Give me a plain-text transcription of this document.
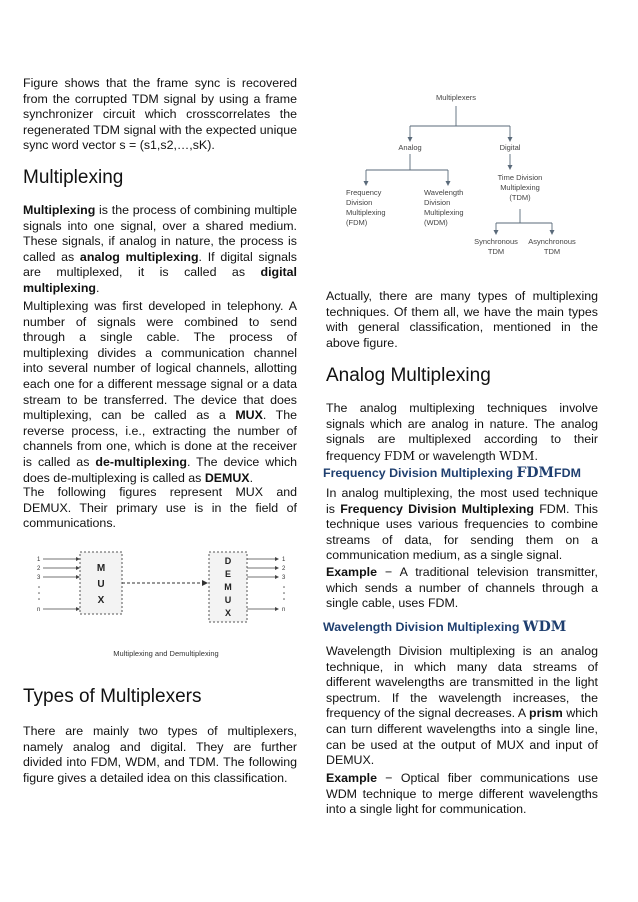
Figure shows that the frame sync is recovered from the corrupted TDM signal by using a frame synchronizer circuit which crosscorrelates the regenerated TDM signal with the expected unique sync word vector s = (s1,s2,…,sK).

Multiplexing

Multiplexing is the process of combining multiple signals into one signal, over a shared medium. These signals, if analog in nature, the process is called as analog multiplexing. If digital signals are multiplexed, it is called as digital multiplexing.

Multiplexing was first developed in telephony. A number of signals were combined to send through a single cable. The process of multiplexing divides a communication channel into several number of logical channels, allotting each one for a different message signal or a data stream to be transferred. The device that does multiplexing, can be called as a MUX. The reverse process, i.e., extracting the number of channels from one, which is done at the receiver is called as de-multiplexing. The device which does de-multiplexing is called as DEMUX.

The following figures represent MUX and DEMUX. Their primary use is in the field of communications.

1
2
3
n
M
U
X
D
E
M
U
X
1
2
3
n
Multiplexing and Demultiplexing
Types of Multiplexers

There are mainly two types of multiplexers, namely analog and digital. They are further divided into FDM, WDM, and TDM. The following figure gives a detailed idea on this classification.

Multiplexers
Analog	Digital
Frequency
Division
Multiplexing
(FDM)
Wavelength
Division
Multiplexing
(WDM)
Time Division
Multiplexing
(TDM)
Synchronous
TDM
Asynchronous
TDM

Actually, there are many types of multiplexing techniques. Of them all, we have the main types with general classification, mentioned in the above figure.

Analog Multiplexing

The analog multiplexing techniques involve signals which are analog in nature. The analog signals are multiplexed according to their frequency FDM or wavelength WDM.

Frequency Division Multiplexing FDMFDM

In analog multiplexing, the most used technique is Frequency Division Multiplexing FDM. This technique uses various frequencies to combine streams of data, for sending them on a communication medium, as a single signal.

Example − A traditional television transmitter, which sends a number of channels through a single cable, uses FDM.

Wavelength Division Multiplexing WDM

Wavelength Division multiplexing is an analog technique, in which many data streams of different wavelengths are transmitted in the light spectrum. If the wavelength increases, the frequency of the signal decreases. A prism which can turn different wavelengths into a single line, can be used at the output of MUX and input of DEMUX.

Example − Optical fiber communications use WDM technique to merge different wavelengths into a single light for communication.
